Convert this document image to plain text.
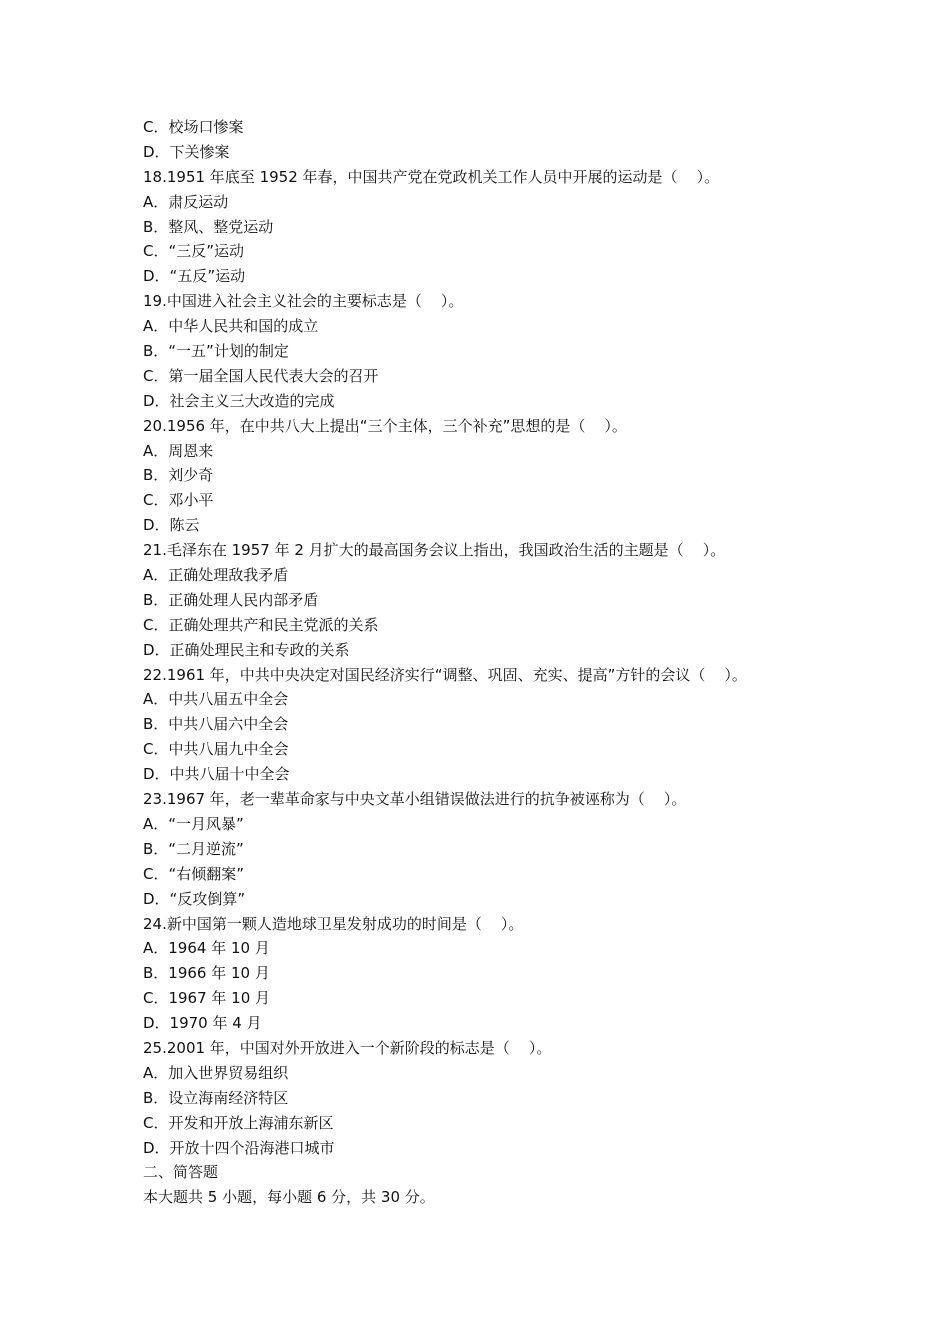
C．校场口惨案
D．下关惨案
18.1951 年底至 1952 年春，中国共产党在党政机关工作人员中开展的运动是（    ）。
A．肃反运动
B．整风、整党运动
C．“三反”运动
D．“五反”运动
19.中国进入社会主义社会的主要标志是（    ）。
A．中华人民共和国的成立
B．“一五”计划的制定
C．第一届全国人民代表大会的召开
D．社会主义三大改造的完成
20.1956 年，在中共八大上提出“三个主体，三个补充”思想的是（    ）。
A．周恩来
B．刘少奇
C．邓小平
D．陈云
21.毛泽东在 1957 年 2 月扩大的最高国务会议上指出，我国政治生活的主题是（    ）。
A．正确处理敌我矛盾
B．正确处理人民内部矛盾
C．正确处理共产和民主党派的关系
D．正确处理民主和专政的关系
22.1961 年，中共中央决定对国民经济实行“调整、巩固、充实、提高”方针的会议（    ）。
A．中共八届五中全会
B．中共八届六中全会
C．中共八届九中全会
D．中共八届十中全会
23.1967 年，老一辈革命家与中央文革小组错误做法进行的抗争被诬称为（    ）。
A．“一月风暴”
B．“二月逆流”
C．“右倾翻案”
D．“反攻倒算”
24.新中国第一颗人造地球卫星发射成功的时间是（    ）。
A．1964 年 10 月
B．1966 年 10 月
C．1967 年 10 月
D．1970 年 4 月
25.2001 年，中国对外开放进入一个新阶段的标志是（    ）。
A．加入世界贸易组织
B．设立海南经济特区
C．开发和开放上海浦东新区
D．开放十四个沿海港口城市
二、简答题
本大题共 5 小题，每小题 6 分，共 30 分。
